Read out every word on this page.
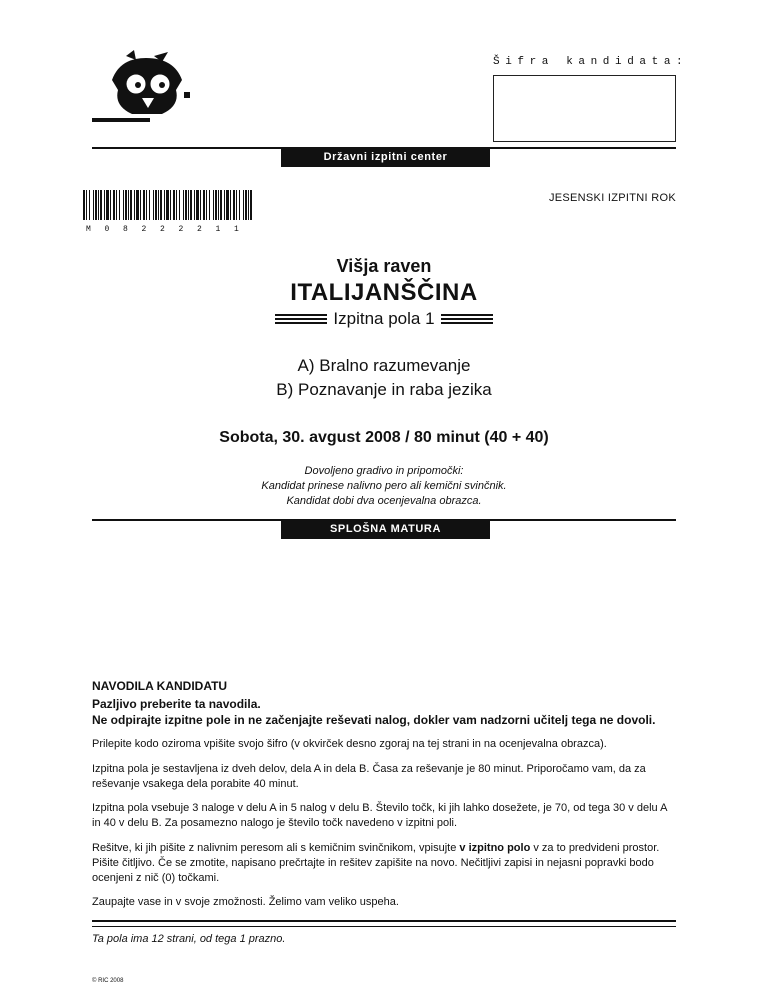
Šifra kandidata:
Državni izpitni center
M 0 8 2 2 2 2 1 1
JESENSKI IZPITNI ROK
Višja raven
ITALIJANŠČINA
Izpitna pola 1
A) Bralno razumevanje
B) Poznavanje in raba jezika
Sobota, 30. avgust 2008 / 80 minut (40 + 40)
Dovoljeno gradivo in pripomočki:
Kandidat prinese nalivno pero ali kemični svinčnik.
Kandidat dobi dva ocenjevalna obrazca.
SPLOŠNA MATURA
NAVODILA KANDIDATU
Pazljivo preberite ta navodila.
Ne odpirajte izpitne pole in ne začenjajte reševati nalog, dokler vam nadzorni učitelj tega ne dovoli.
Prilepite kodo oziroma vpišite svojo šifro (v okvirček desno zgoraj na tej strani in na ocenjevalna obrazca).
Izpitna pola je sestavljena iz dveh delov, dela A in dela B. Časa za reševanje je 80 minut. Priporočamo vam, da za reševanje vsakega dela porabite 40 minut.
Izpitna pola vsebuje 3 naloge v delu A in 5 nalog v delu B. Število točk, ki jih lahko dosežete, je 70, od tega 30 v delu A in 40 v delu B. Za posamezno nalogo je število točk navedeno v izpitni poli.
Rešitve, ki jih pišite z nalivnim peresom ali s kemičnim svinčnikom, vpisujte v izpitno polo v za to predvideni prostor. Pišite čitljivo. Če se zmotite, napisano prečrtajte in rešitev zapišite na novo. Nečitljivi zapisi in nejasni popravki bodo ocenjeni z nič (0) točkami.
Zaupajte vase in v svoje zmožnosti. Želimo vam veliko uspeha.
Ta pola ima 12 strani, od tega 1 prazno.
© RIC 2008
